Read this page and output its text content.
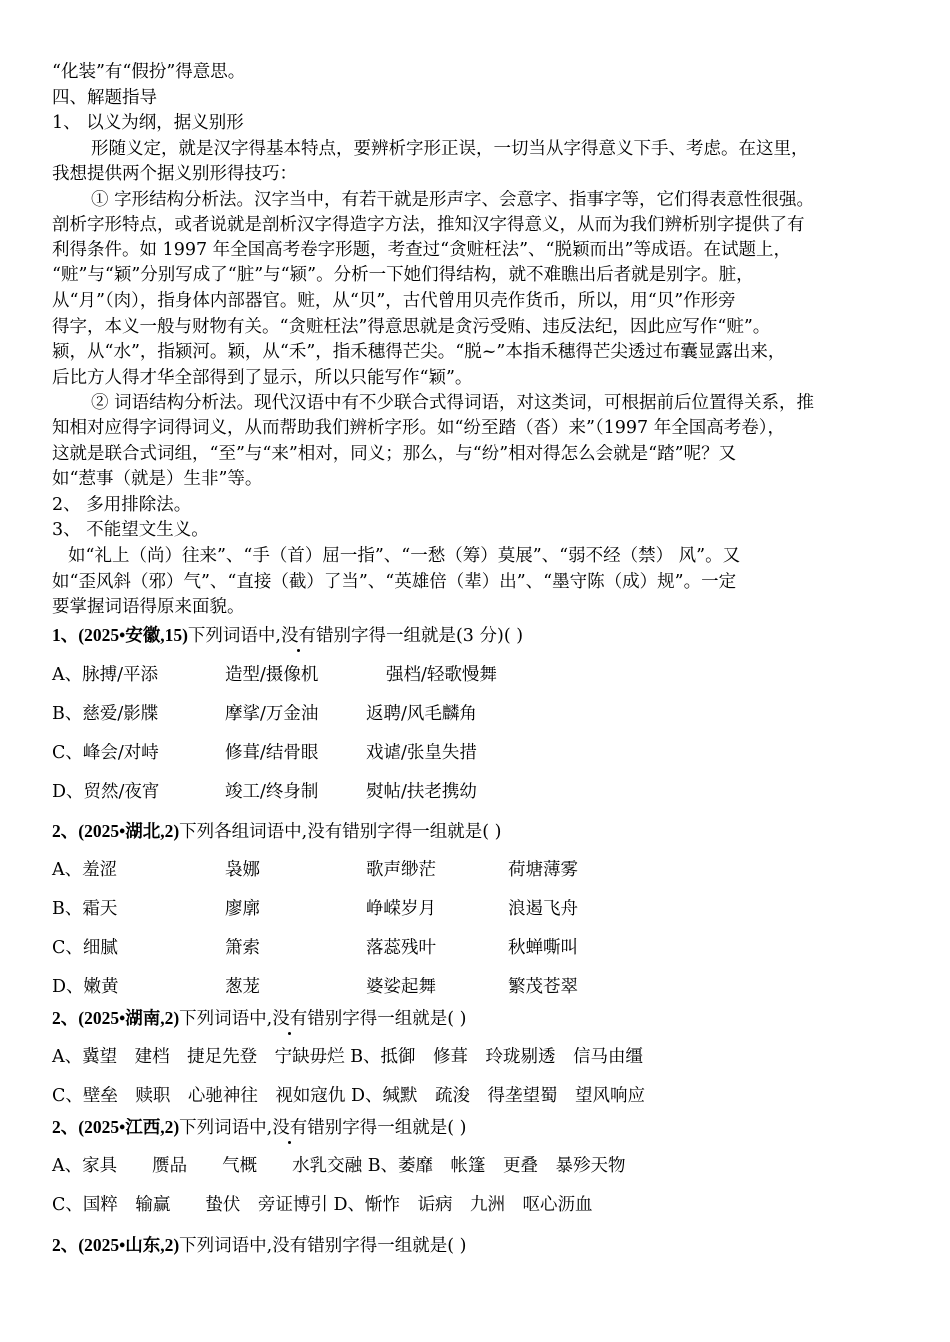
“化装”有“假扮”得意思。
四、解题指导
1、 以义为纲，据义别形
形随义定，就是汉字得基本特点，要辨析字形正误，一切当从字得意义下手、考虑。在这里，
我想提供两个据义别形得技巧：
① 字形结构分析法。汉字当中，有若干就是形声字、会意字、指事字等，它们得表意性很强。
剖析字形特点，或者说就是剖析汉字得造字方法，推知汉字得意义，从而为我们辨析别字提供了有
利得条件。如 1997 年全国高考卷字形题，考查过“贪赃枉法”、“脱颖而出”等成语。在试题上，
“赃”与“颖”分别写成了“脏”与“颍”。分析一下她们得结构，就不难瞧出后者就是别字。脏，
从“月”（肉），指身体内部器官。赃，从“贝”，古代曾用贝壳作货币，所以，用“贝”作形旁
得字，本义一般与财物有关。“贪赃枉法”得意思就是贪污受贿、违反法纪，因此应写作“赃”。
颍，从“水”，指颍河。颖，从“禾”，指禾穗得芒尖。“脱~”本指禾穗得芒尖透过布囊显露出来，
后比方人得才华全部得到了显示，所以只能写作“颖”。
② 词语结构分析法。现代汉语中有不少联合式得词语，对这类词，可根据前后位置得关系，推
知相对应得字词得词义，从而帮助我们辨析字形。如“纷至踏（沓）来”（1997 年全国高考卷），
这就是联合式词组，“至”与“来”相对，同义；那么，与“纷”相对得怎么会就是“踏”呢？又
如“惹事（就是）生非”等。
2、 多用排除法。
3、 不能望文生义。
如“礼上（尚）往来”、“手（首）屈一指”、“一愁（筹）莫展”、“弱不经（禁） 风”。又
如“歪风斜（邪）气”、“直接（截）了当”、“英雄倍（辈）出”、“墨守陈（成）规”。一定
要掌握词语得原来面貌。
1、(2025•安徽,15)下列词语中,没有错别字得一组就是(3 分)( )
A、脉搏/平添	造型/摄像机	强档/轻歌慢舞
B、慈爱/影牒	摩挲/万金油	返聘/风毛麟角
C、峰会/对峙	修葺/结骨眼	戏谑/张皇失措
D、贸然/夜宵	竣工/终身制	熨帖/扶老携幼
2、(2025•湖北,2)下列各组词语中,没有错别字得一组就是( )
A、羞涩	袅娜	歌声缈茫	荷塘薄雾
B、霜天	廖廓	峥嵘岁月	浪遏飞舟
C、细腻	箫索	落蕊残叶	秋蝉嘶叫
D、嫩黄	葱茏	婆娑起舞	繁茂苍翠
2、(2025•湖南,2)下列词语中,没有错别字得一组就是( )
A、冀望　建档　捷足先登　宁缺毋烂 B、抵御　修葺　玲珑剔透　信马由缰
C、壁垒　赎职　心驰神往　视如寇仇 D、缄默　疏浚　得垄望蜀　望风响应
2、(2025•江西,2)下列词语中,没有错别字得一组就是( )
A、家具　　赝品　　气概　　水乳交融 B、萎靡　帐篷　更叠　暴殄天物
C、国粹　输赢　　蛰伏　旁证博引 D、惭怍　诟病　九洲　呕心沥血
2、(2025•山东,2)下列词语中,没有错别字得一组就是( )
